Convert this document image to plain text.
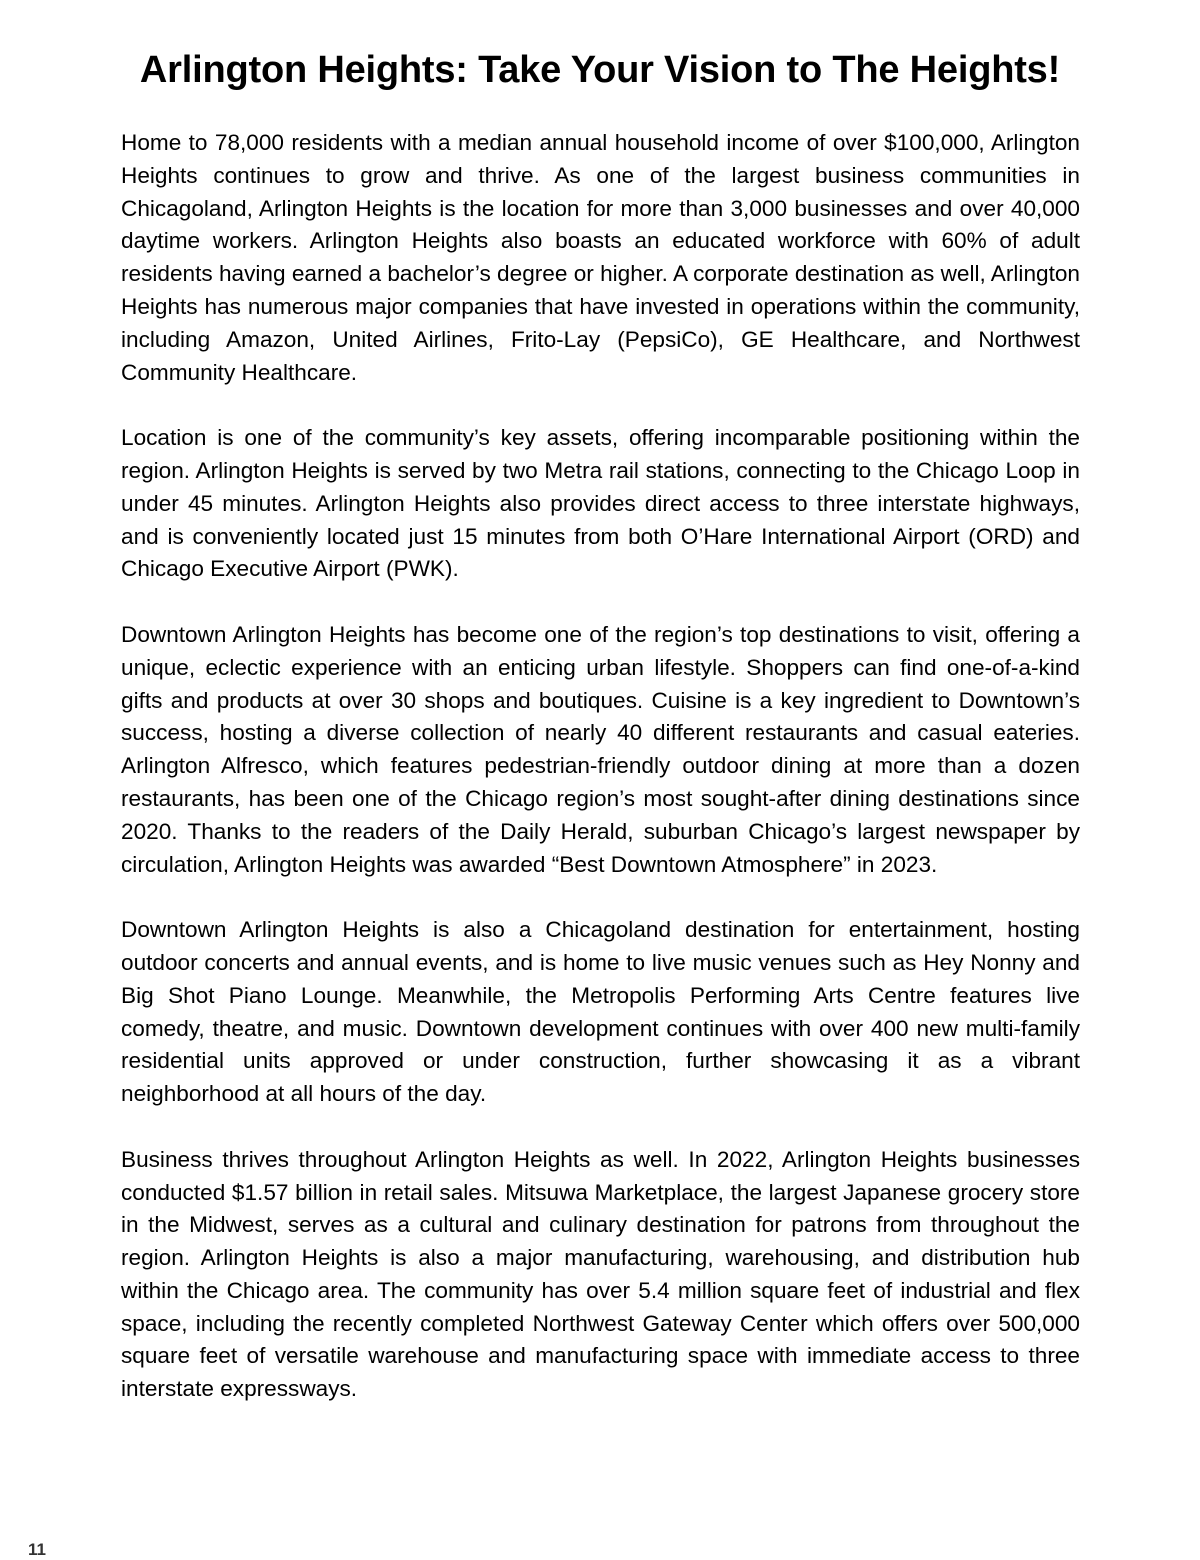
Arlington Heights: Take Your Vision to The Heights!

Home to 78,000 residents with a median annual household income of over $100,000, Arlington Heights continues to grow and thrive. As one of the largest business communities in Chicagoland, Arlington Heights is the location for more than 3,000 businesses and over 40,000 daytime workers. Arlington Heights also boasts an educated workforce with 60% of adult residents having earned a bachelor’s degree or higher. A corporate destination as well, Arlington Heights has numerous major companies that have invested in operations within the community, including Amazon, United Airlines, Frito-Lay (PepsiCo), GE Healthcare, and Northwest Community Healthcare.

Location is one of the community’s key assets, offering incomparable positioning within the region. Arlington Heights is served by two Metra rail stations, connecting to the Chicago Loop in under 45 minutes. Arlington Heights also provides direct access to three interstate highways, and is conveniently located just 15 minutes from both O’Hare International Airport (ORD) and Chicago Executive Airport (PWK).

Downtown Arlington Heights has become one of the region’s top destinations to visit, offering a unique, eclectic experience with an enticing urban lifestyle. Shoppers can find one-of-a-kind gifts and products at over 30 shops and boutiques. Cuisine is a key ingredient to Downtown’s success, hosting a diverse collection of nearly 40 different restaurants and casual eateries. Arlington Alfresco, which features pedestrian-friendly outdoor dining at more than a dozen restaurants, has been one of the Chicago region’s most sought-after dining destinations since 2020. Thanks to the readers of the Daily Herald, suburban Chicago’s largest newspaper by circulation, Arlington Heights was awarded “Best Downtown Atmosphere” in 2023.

Downtown Arlington Heights is also a Chicagoland destination for entertainment, hosting outdoor concerts and annual events, and is home to live music venues such as Hey Nonny and Big Shot Piano Lounge. Meanwhile, the Metropolis Performing Arts Centre features live comedy, theatre, and music. Downtown development continues with over 400 new multi-family residential units approved or under construction, further showcasing it as a vibrant neighborhood at all hours of the day.

Business thrives throughout Arlington Heights as well. In 2022, Arlington Heights businesses conducted $1.57 billion in retail sales. Mitsuwa Marketplace, the largest Japanese grocery store in the Midwest, serves as a cultural and culinary destination for patrons from throughout the region. Arlington Heights is also a major manufacturing, warehousing, and distribution hub within the Chicago area. The community has over 5.4 million square feet of industrial and flex space, including the recently completed Northwest Gateway Center which offers over 500,000 square feet of versatile warehouse and manufacturing space with immediate access to three interstate expressways.

11
